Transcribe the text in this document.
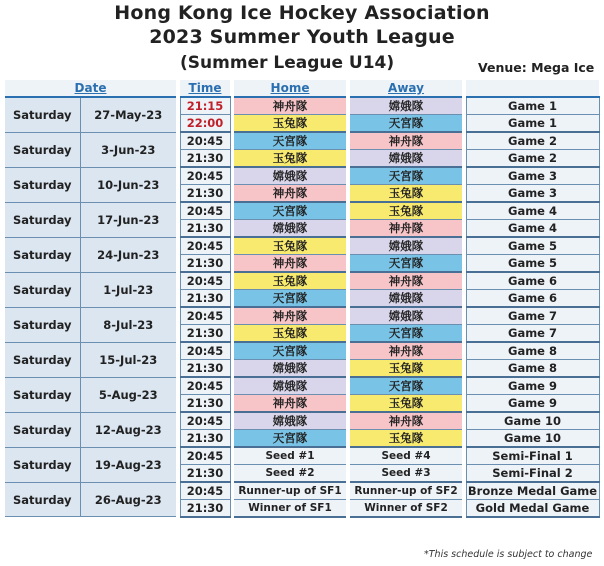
Hong Kong Ice Hockey Association
2023 Summer Youth League
(Summer League U14)	Venue: Mega Ice
Date			Time		Home		Away		
Saturday	27-May-23		21:15		神舟隊		嫦娥隊		Game 1
			22:00		玉兔隊		天宮隊		Game 1
Saturday	3-Jun-23		20:45		天宮隊		神舟隊		Game 2
			21:30		玉兔隊		嫦娥隊		Game 2
Saturday	10-Jun-23		20:45		嫦娥隊		天宮隊		Game 3
			21:30		神舟隊		玉兔隊		Game 3
Saturday	17-Jun-23		20:45		天宮隊		玉兔隊		Game 4
			21:30		嫦娥隊		神舟隊		Game 4
Saturday	24-Jun-23		20:45		玉兔隊		嫦娥隊		Game 5
			21:30		神舟隊		天宮隊		Game 5
Saturday	1-Jul-23		20:45		玉兔隊		神舟隊		Game 6
			21:30		天宮隊		嫦娥隊		Game 6
Saturday	8-Jul-23		20:45		神舟隊		嫦娥隊		Game 7
			21:30		玉兔隊		天宮隊		Game 7
Saturday	15-Jul-23		20:45		天宮隊		神舟隊		Game 8
			21:30		嫦娥隊		玉兔隊		Game 8
Saturday	5-Aug-23		20:45		嫦娥隊		天宮隊		Game 9
			21:30		神舟隊		玉兔隊		Game 9
Saturday	12-Aug-23		20:45		嫦娥隊		神舟隊		Game 10
			21:30		天宮隊		玉兔隊		Game 10
Saturday	19-Aug-23		20:45		Seed #1		Seed #4		Semi-Final 1
			21:30		Seed #2		Seed #3		Semi-Final 2
Saturday	26-Aug-23		20:45		Runner-up of SF1		Runner-up of SF2		Bronze Medal Game
			21:30		Winner of SF1		Winner of SF2		Gold Medal Game
*This schedule is subject to change
